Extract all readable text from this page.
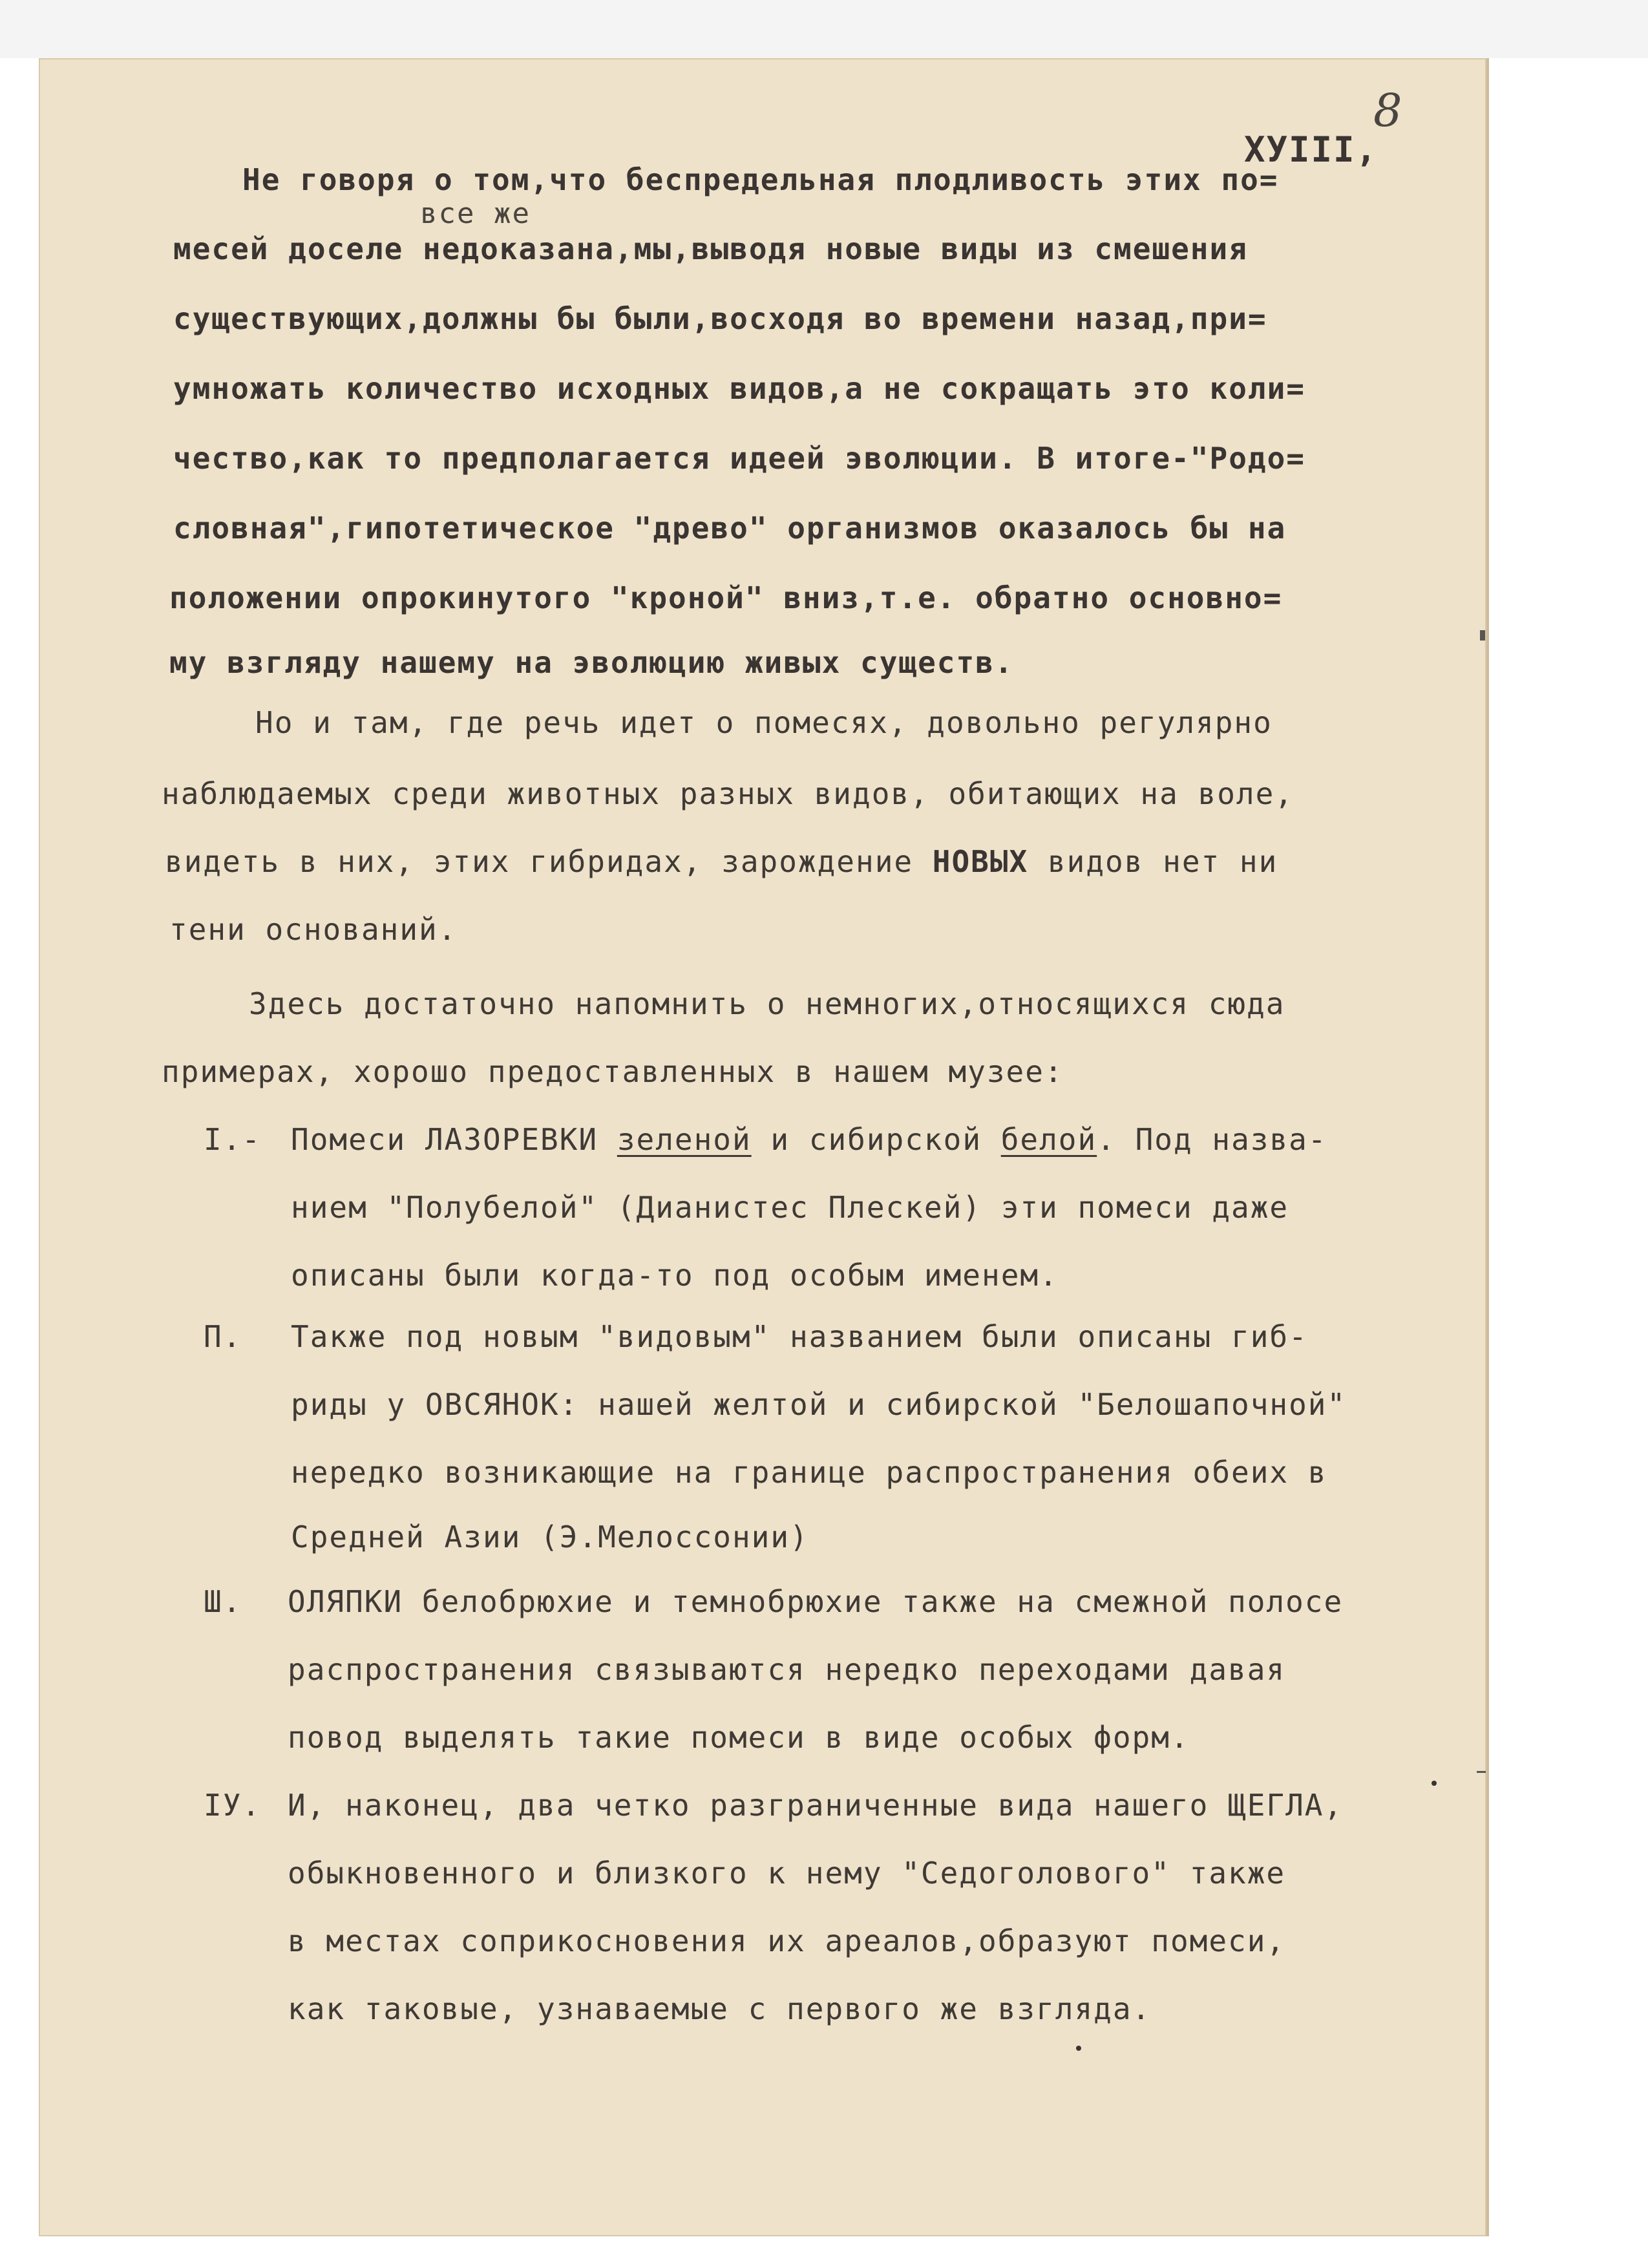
ХУIII,
8
все же
Не говоря о том,что беспредельная плодливость этих по=
месей доселе недоказана,мы,выводя новые виды из смешения
существующих,должны бы были,восходя во времени назад,при=
умножать количество исходных видов,а не сокращать это коли=
чество,как то предполагается идеей эволюции. В итоге-"Родо=
словная",гипотетическое "древо" организмов оказалось бы на
положении опрокинутого "кроной" вниз,т.е. обратно основно=
му взгляду нашему на эволюцию живых существ.
Но и там, где речь идет о помесях, довольно регулярно
наблюдаемых среди животных разных видов, обитающих на воле,
видеть в них, этих гибридах, зарождение НОВЫХ видов нет ни
тени оснований.
Здесь достаточно напомнить о немногих,относящихся сюда
примерах, хорошо предоставленных в нашем музее:
I.- Помеси ЛАЗОРЕВКИ зеленой и сибирской белой. Под назва-
нием "Полубелой" (Дианистес Плескей) эти помеси даже
описаны были когда-то под особым именем.
П. Также под новым "видовым" названием были описаны гиб-
риды у ОВСЯНОК: нашей желтой и сибирской "Белошапочной"
нередко возникающие на границе распространения обеих в
Средней Азии (Э.Мелоссонии)
Ш. ОЛЯПКИ белобрюхие и темнобрюхие также на смежной полосе
распространения связываются нередко переходами давая
повод выделять такие помеси в виде особых форм.
IУ. И, наконец, два четко разграниченные вида нашего ЩЕГЛА,
обыкновенного и близкого к нему "Седоголового" также
в местах соприкосновения их ареалов,образуют помеси,
как таковые, узнаваемые с первого же взгляда.
